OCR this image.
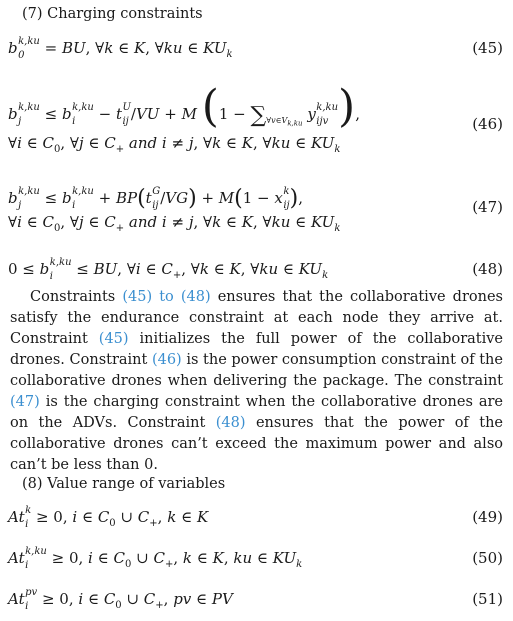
(7) Charging constraints
b k,ku
0	= BU, ∀k ∈ K, ∀ku ∈ $KU_k$	(45)
b k,ku
j	≤ b k,ku
i	− t U
ij /VU + M ($1 - \sum_{\forall v\in V_{k,ku}}$ y k,ku
ijv ),
∀i ∈ $C_0$, ∀j ∈ $C_+$ and i ≠ j, ∀k ∈ K, ∀ku ∈ $KU_k$
(46)
b k,ku
j	≤ b k,ku
i	+ BP(t G
ij /VG) + M(1 − x k
ij ),
∀i ∈ $C_0$, ∀j ∈ $C_+$ and i ≠ j, ∀k ∈ K, ∀ku ∈ $KU_k$
(47)
0 ≤ b k,ku
i	≤ BU, ∀i ∈ $C_+$, ∀k ∈ K, ∀ku ∈ $KU_k$	(48)
Constraints (45) to (48) ensures that the collaborative drones satisfy the endurance constraint at each node they arrive at. Constraint (45) initializes the full power of the collaborative drones. Constraint (46) is the power consumption constraint of the collaborative drones when delivering the package. The constraint (47) is the charging constraint when the collaborative drones are on the ADVs. Constraint (48) ensures that the power of the collaborative drones can’t exceed the maximum power and also can’t be less than 0.
(8) Value range of variables
At k
i ≥ 0, i ∈ $C_0$ ∪ $C_+$, k ∈ K	(49)
At k,ku
i	≥ 0, i ∈ $C_0$ ∪ $C_+$, k ∈ K, ku ∈ $KU_k$	(50)
At pv
i ≥ 0, i ∈ $C_0$ ∪ $C_+$, pv ∈ PV	(51)
